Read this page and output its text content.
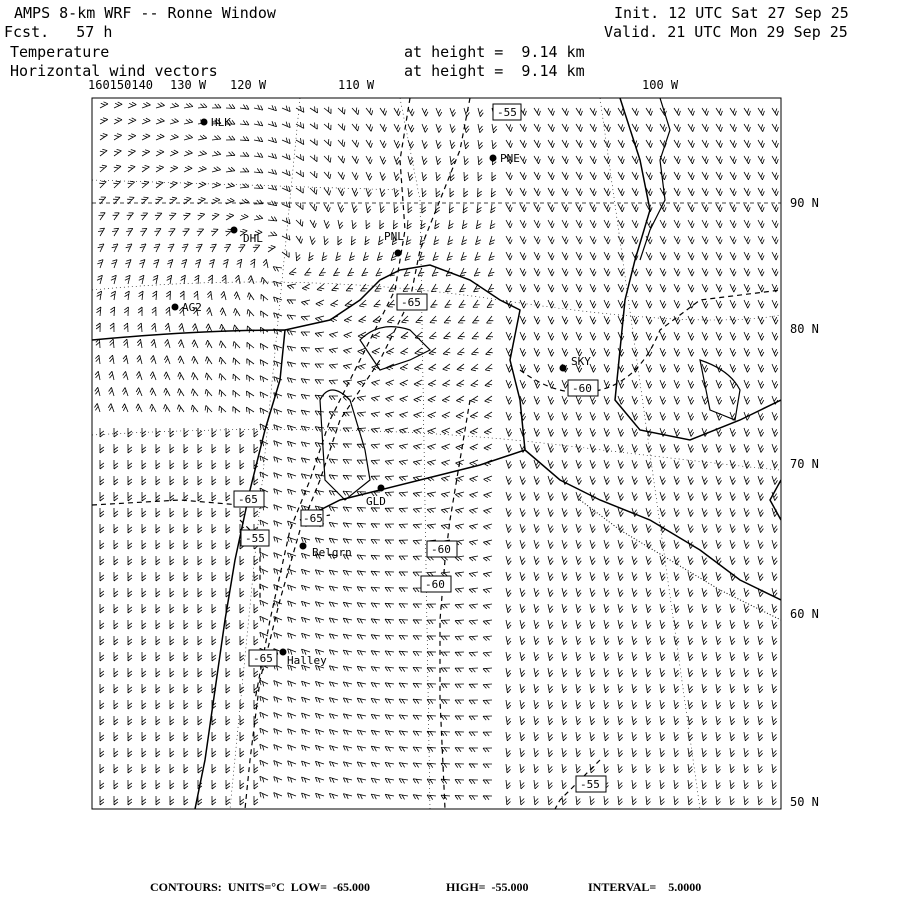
AMPS 8-km WRF -- Ronne Window	Init. 12 UTC Sat 27 Sep 25
Fcst.   57 h	Valid. 21 UTC Mon 29 Sep 25
Temperature	at height =  9.14 km
Horizontal wind vectors	at height =  9.14 km
160150140 130 W 120 W	110 W	100 W
90 N
80 N
70 N
60 N
50 N
HLK
PNE
DHL	PNL
AG2
SKY
GLD
Belgrn
Halley
-55
-65
-60
-65
-65
-55
-60
-60
-65
-55
CONTOURS:  UNITS=°C  LOW=  -65.000	HIGH=  -55.000	INTERVAL=    5.0000
